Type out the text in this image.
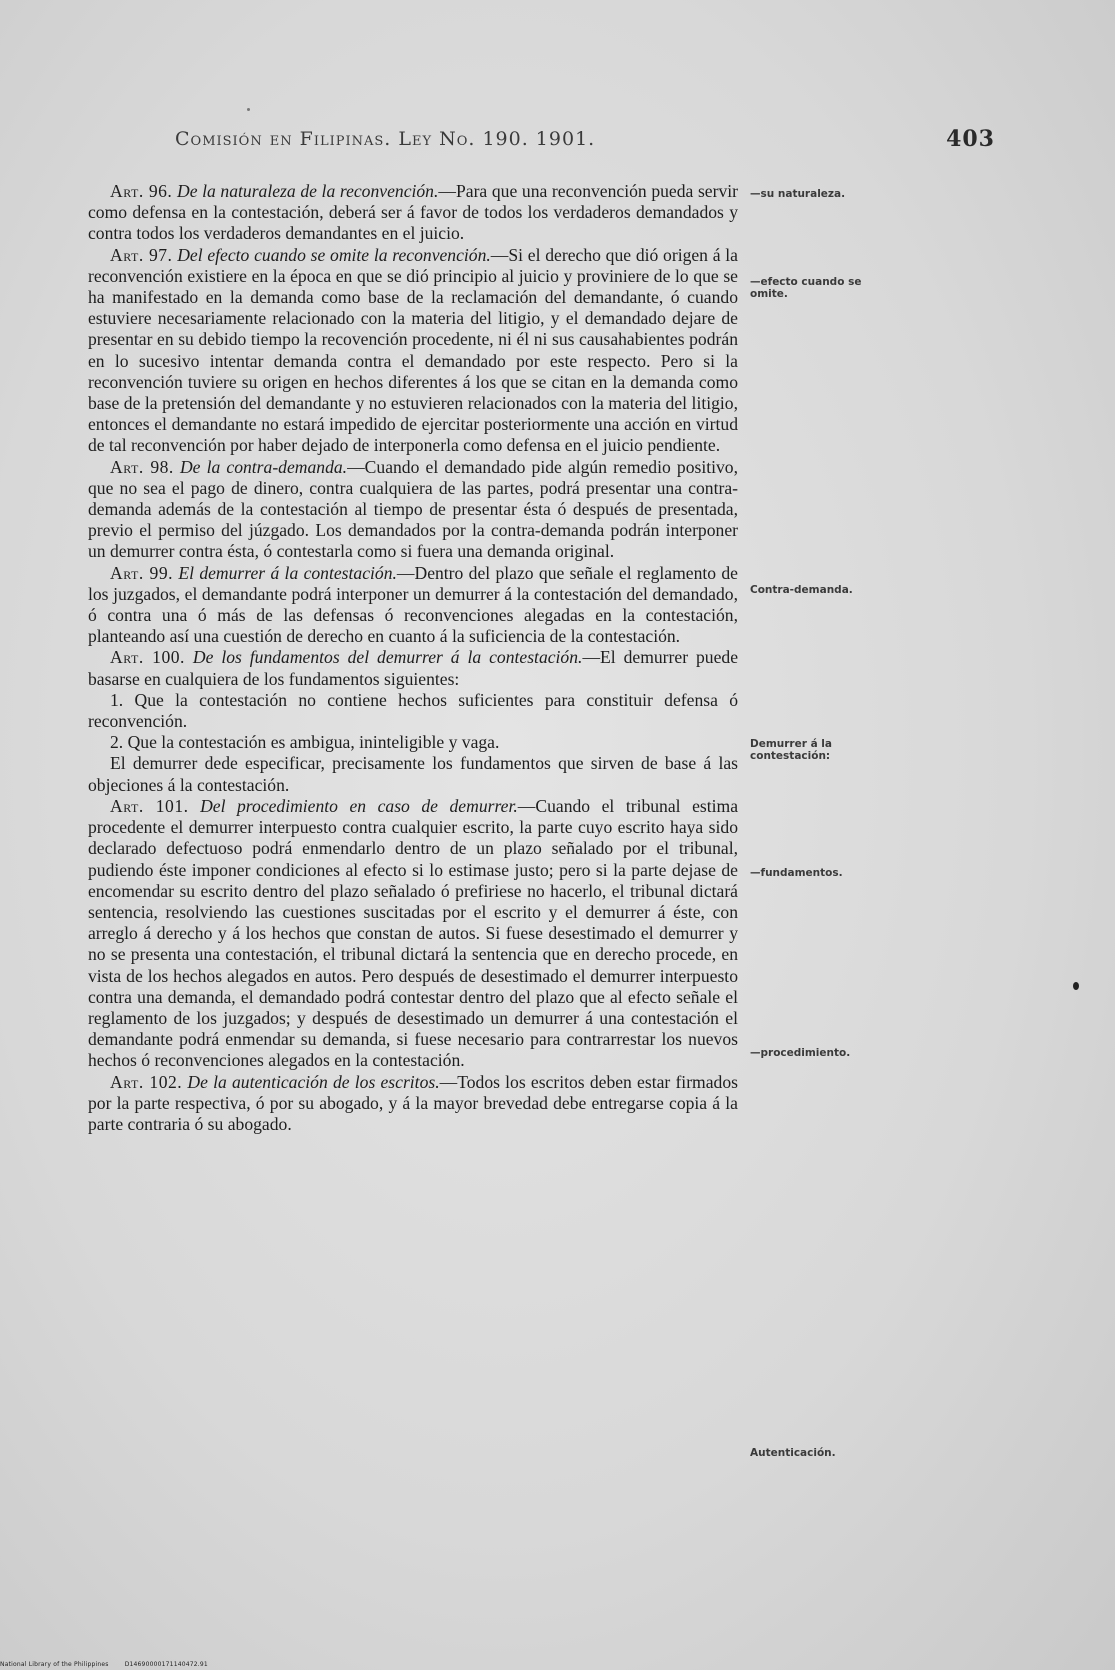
Comisión en Filipinas. Ley No. 190. 1901.	403

Art. 96. De la naturaleza de la reconvención.—Para que una reconvención pueda servir como defensa en la contestación, deberá ser á favor de todos los verdaderos demandados y contra todos los verdaderos demandantes en el juicio.

Art. 97. Del efecto cuando se omite la reconvención.—Si el derecho que dió origen á la reconvención existiere en la época en que se dió principio al juicio y proviniere de lo que se ha manifestado en la demanda como base de la reclamación del demandante, ó cuando estuviere necesariamente relacionado con la materia del litigio, y el demandado dejare de presentar en su debido tiempo la recovención procedente, ni él ni sus causahabientes podrán en lo sucesivo intentar demanda contra el demandado por este respecto. Pero si la reconvención tuviere su origen en hechos diferentes á los que se citan en la demanda como base de la pretensión del demandante y no estuvieren relacionados con la materia del litigio, entonces el demandante no estará impedido de ejercitar posteriormente una acción en virtud de tal reconvención por haber dejado de interponerla como defensa en el juicio pendiente.

Art. 98. De la contra-demanda.—Cuando el demandado pide algún remedio positivo, que no sea el pago de dinero, contra cualquiera de las partes, podrá presentar una contra-demanda además de la contestación al tiempo de presentar ésta ó después de presentada, previo el permiso del júzgado. Los demandados por la contra-demanda podrán interponer un demurrer contra ésta, ó contestarla como si fuera una demanda original.

Art. 99. El demurrer á la contestación.—Dentro del plazo que señale el reglamento de los juzgados, el demandante podrá interponer un demurrer á la contestación del demandado, ó contra una ó más de las defensas ó reconvenciones alegadas en la contestación, planteando así una cuestión de derecho en cuanto á la suficiencia de la contestación.

Art. 100. De los fundamentos del demurrer á la contestación.—El demurrer puede basarse en cualquiera de los fundamentos siguientes:

1. Que la contestación no contiene hechos suficientes para constituir defensa ó reconvención.

2. Que la contestación es ambigua, ininteligible y vaga.

El demurrer dede especificar, precisamente los fundamentos que sirven de base á las objeciones á la contestación.

Art. 101. Del procedimiento en caso de demurrer.—Cuando el tribunal estima procedente el demurrer interpuesto contra cualquier escrito, la parte cuyo escrito haya sido declarado defectuoso podrá enmendarlo dentro de un plazo señalado por el tribunal, pudiendo éste imponer condiciones al efecto si lo estimase justo; pero si la parte dejase de encomendar su escrito dentro del plazo señalado ó prefiriese no hacerlo, el tribunal dictará sentencia, resolviendo las cuestiones suscitadas por el escrito y el demurrer á éste, con arreglo á derecho y á los hechos que constan de autos. Si fuese desestimado el demurrer y no se presenta una contestación, el tribunal dictará la sentencia que en derecho procede, en vista de los hechos alegados en autos. Pero después de desestimado el demurrer interpuesto contra una demanda, el demandado podrá contestar dentro del plazo que al efecto señale el reglamento de los juzgados; y después de desestimado un demurrer á una contestación el demandante podrá enmendar su demanda, si fuese necesario para contrarrestar los nuevos hechos ó reconvenciones alegados en la contestación.

Art. 102. De la autenticación de los escritos.—Todos los escritos deben estar firmados por la parte respectiva, ó por su abogado, y á la mayor brevedad debe entregarse copia á la parte contraria ó su abogado.

—su naturaleza.
—efecto cuando se omite.
Contra-demanda.
Demurrer á la contestación:
—fundamentos.
—procedimiento.
Autenticación.
National Library of the Philippines	D14690000171140472.91
